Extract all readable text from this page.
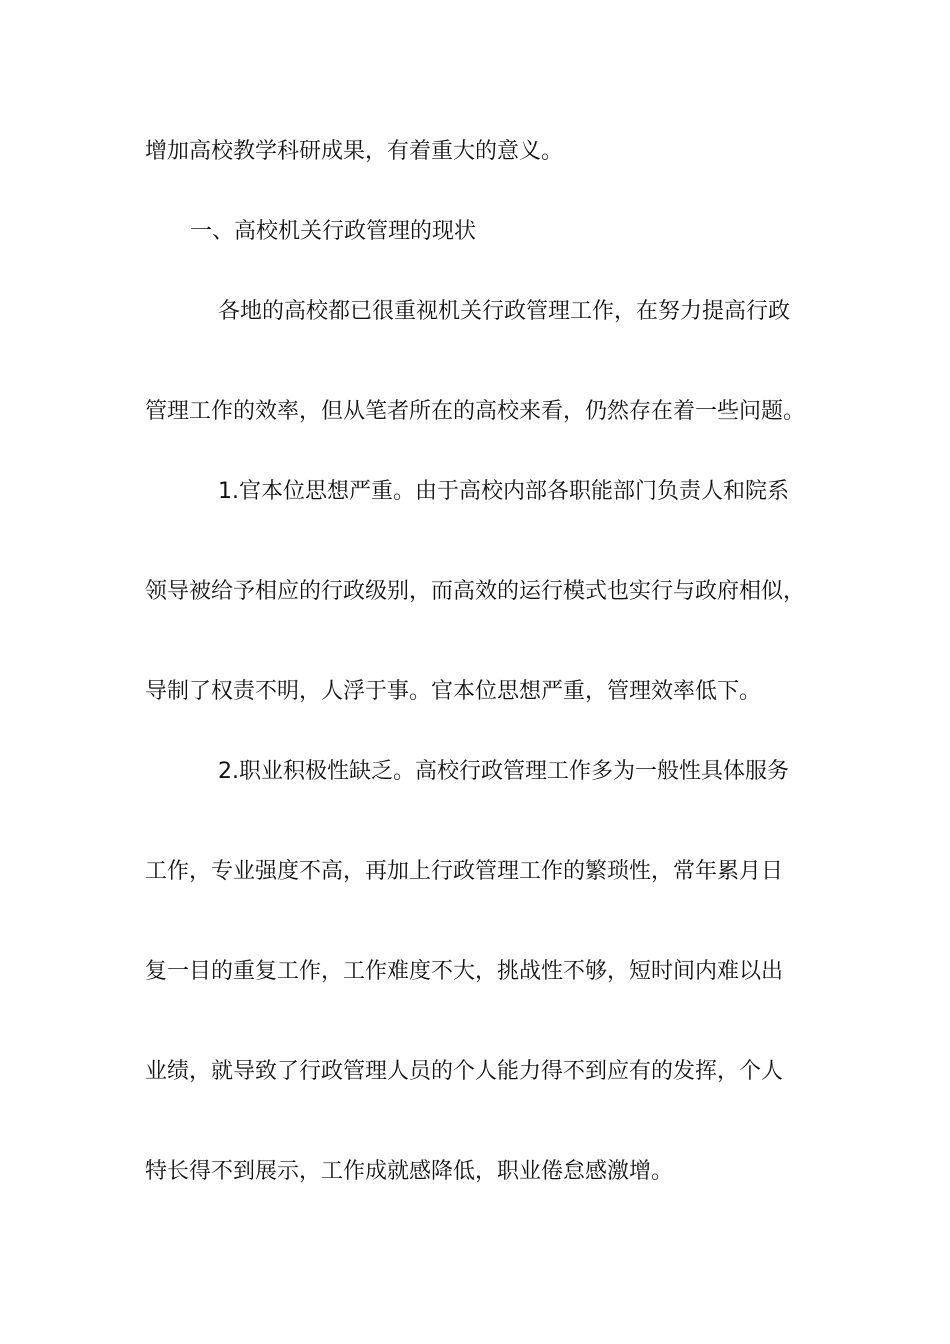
增加高校教学科研成果，有着重大的意义。
一、高校机关行政管理的现状
各地的高校都已很重视机关行政管理工作，在努力提高行政
管理工作的效率，但从笔者所在的高校来看，仍然存在着一些问题。
1.官本位思想严重。由于高校内部各职能部门负责人和院系
领导被给予相应的行政级别，而高效的运行模式也实行与政府相似，
导制了权责不明，人浮于事。官本位思想严重，管理效率低下。
2.职业积极性缺乏。高校行政管理工作多为一般性具体服务
工作，专业强度不高，再加上行政管理工作的繁琐性，常年累月日
复一目的重复工作，工作难度不大，挑战性不够，短时间内难以出
业绩，就导致了行政管理人员的个人能力得不到应有的发挥，个人
特长得不到展示，工作成就感降低，职业倦怠感激增。
